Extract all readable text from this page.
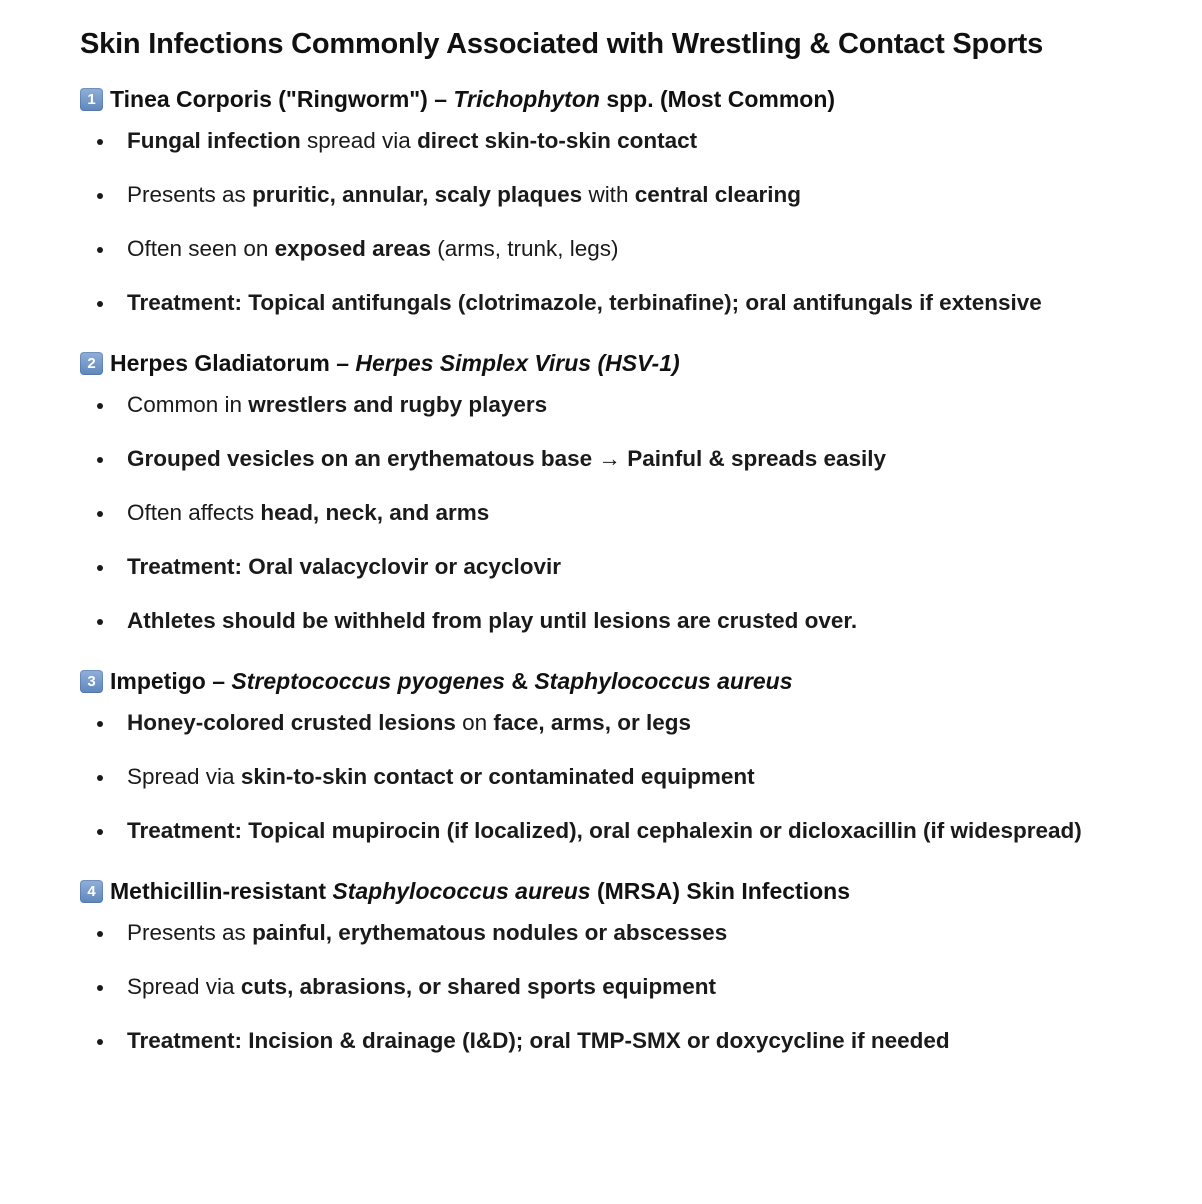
Skin Infections Commonly Associated with Wrestling & Contact Sports
1 Tinea Corporis ("Ringworm") – Trichophyton spp. (Most Common)
Fungal infection spread via direct skin-to-skin contact
Presents as pruritic, annular, scaly plaques with central clearing
Often seen on exposed areas (arms, trunk, legs)
Treatment: Topical antifungals (clotrimazole, terbinafine); oral antifungals if extensive
2 Herpes Gladiatorum – Herpes Simplex Virus (HSV-1)
Common in wrestlers and rugby players
Grouped vesicles on an erythematous base → Painful & spreads easily
Often affects head, neck, and arms
Treatment: Oral valacyclovir or acyclovir
Athletes should be withheld from play until lesions are crusted over.
3 Impetigo – Streptococcus pyogenes & Staphylococcus aureus
Honey-colored crusted lesions on face, arms, or legs
Spread via skin-to-skin contact or contaminated equipment
Treatment: Topical mupirocin (if localized), oral cephalexin or dicloxacillin (if widespread)
4 Methicillin-resistant Staphylococcus aureus (MRSA) Skin Infections
Presents as painful, erythematous nodules or abscesses
Spread via cuts, abrasions, or shared sports equipment
Treatment: Incision & drainage (I&D); oral TMP-SMX or doxycycline if needed
